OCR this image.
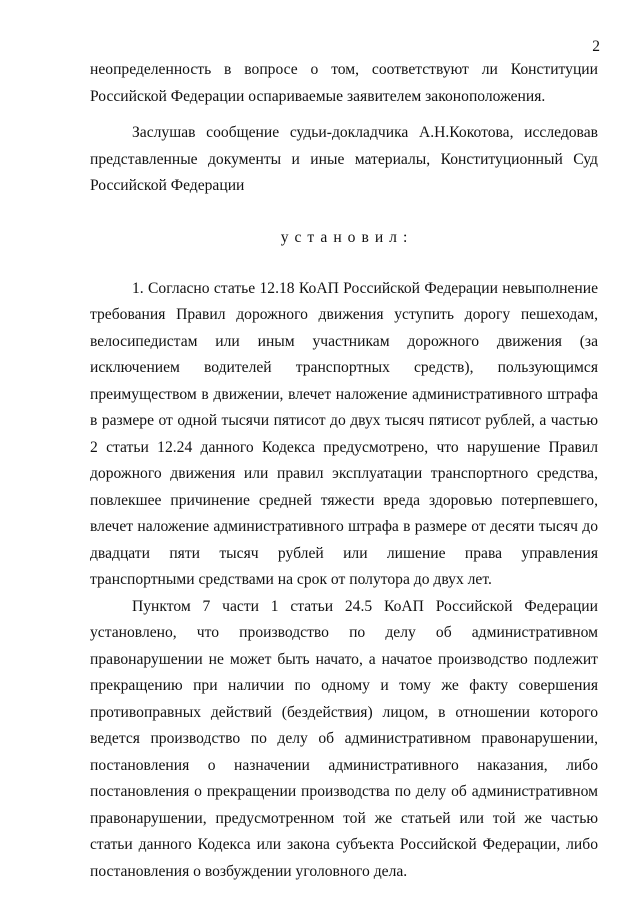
2

неопределенность в вопросе о том, соответствуют ли Конституции Российской Федерации оспариваемые заявителем законоположения.

Заслушав сообщение судьи-докладчика А.Н.Кокотова, исследовав представленные документы и иные материалы, Конституционный Суд Российской Федерации

установил:

1. Согласно статье 12.18 КоАП Российской Федерации невыполнение требования Правил дорожного движения уступить дорогу пешеходам, велосипедистам или иным участникам дорожного движения (за исключением водителей транспортных средств), пользующимся преимуществом в движении, влечет наложение административного штрафа в размере от одной тысячи пятисот до двух тысяч пятисот рублей, а частью 2 статьи 12.24 данного Кодекса предусмотрено, что нарушение Правил дорожного движения или правил эксплуатации транспортного средства, повлекшее причинение средней тяжести вреда здоровью потерпевшего, влечет наложение административного штрафа в размере от десяти тысяч до двадцати пяти тысяч рублей или лишение права управления транспортными средствами на срок от полутора до двух лет.

Пунктом 7 части 1 статьи 24.5 КоАП Российской Федерации установлено, что производство по делу об административном правонарушении не может быть начато, а начатое производство подлежит прекращению при наличии по одному и тому же факту совершения противоправных действий (бездействия) лицом, в отношении которого ведется производство по делу об административном правонарушении, постановления о назначении административного наказания, либо постановления о прекращении производства по делу об административном правонарушении, предусмотренном той же статьей или той же частью статьи данного Кодекса или закона субъекта Российской Федерации, либо постановления о возбуждении уголовного дела.
